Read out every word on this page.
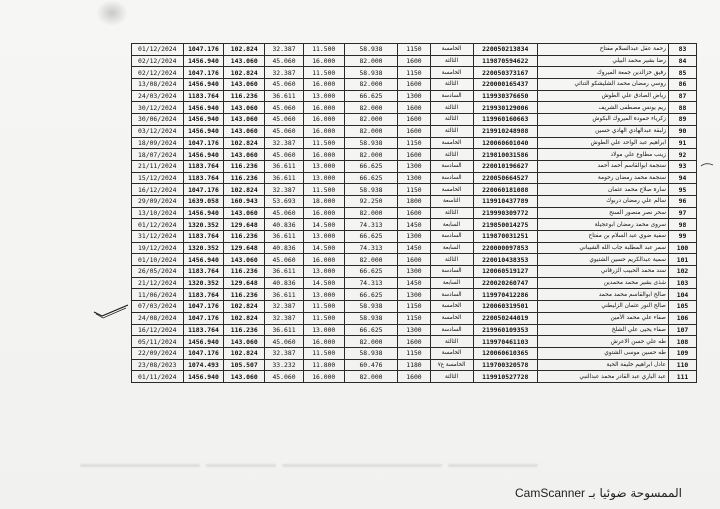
01/12/2024	1047.176	102.824	32.387	11.500	58.938	1150	الخامسة	220050213834	رحمة عقل عبدالسلام مفتاح	83
02/12/2024	1456.940	143.060	45.060	16.000	82.000	1600	الثالثة	119870594622	رضا بشير محمد البيلي	84
02/12/2024	1047.176	102.824	32.387	11.500	58.938	1150	الخامسة	220050373167	رفيق خزالدين جمعة الميروك	85
13/08/2024	1456.940	143.060	45.060	16.000	82.000	1600	الثالثة	220000165437	روسي رمضان محمد الشليشكو التنائي	86
24/03/2024	1183.764	116.236	36.611	13.000	66.625	1300	السادسة	119930376650	رياض الصادق علي الطوش	87
30/12/2024	1456.940	143.060	45.060	16.000	82.000	1600	الثالثة	219930129006	ريم يونس مصطفى الشريف	88
30/06/2024	1456.940	143.060	45.060	16.000	82.000	1600	الثالثة	119960160663	زكرياء حمودة الميروك البكوش	89
03/12/2024	1456.940	143.060	45.060	16.000	82.000	1600	الثالثة	219910248988	زلبقة عبدالهادي الهادي حسين	90
18/09/2024	1047.176	102.824	32.387	11.500	58.938	1150	الخامسة	120060601040	ابراهيم عبد الواحد علي الطوش	91
18/07/2024	1456.940	143.060	45.060	16.000	82.000	1600	الثالثة	219810031586	زينب مطاوع علي مولاد	92
21/11/2024	1183.764	116.236	36.611	13.000	66.625	1300	السادسة	220010196627	سنجمة ابوالقاسم أحمد أحمد	93
15/12/2024	1183.764	116.236	36.611	13.000	66.625	1300	السادسة	220050664527	سنجمة محمد رمضان رحومة	94
16/12/2024	1047.176	102.824	32.387	11.500	58.938	1150	الخامسة	220060181088	سارة صلاح محمد عثمان	95
29/09/2024	1639.058	160.943	53.693	18.000	92.250	1800	التاسعة	119910437789	سالم علي رمضان دربوك	96
13/10/2024	1456.940	143.060	45.060	16.000	82.000	1600	الثالثة	219990309772	سحر نصر منصور السنح	97
01/12/2024	1320.352	129.648	40.836	14.500	74.313	1450	السابعة	219850014275	سروى محمد رمضان ابوعجيلة	98
31/12/2024	1183.764	116.236	36.611	13.000	66.625	1300	السادسة	119870031251	سفية ضوي عبد السلام بن مفتاح	99
19/12/2024	1320.352	129.648	40.836	14.500	74.313	1450	السابعة	220000097853	سمر عبد المطلبة جاب الله الشيباني	100
01/10/2024	1456.940	143.060	45.060	16.000	82.000	1600	الثالثة	220010438353	سمية عبدالكريم حسين الشتيوي	101
26/05/2024	1183.764	116.236	36.611	13.000	66.625	1300	السادسة	120060519127	سند محمد الحبيب الزرقاني	102
21/12/2024	1320.352	129.648	40.836	14.500	74.313	1450	السابعة	220020260747	شذى بشير محمد محمدين	103
11/06/2024	1183.764	116.236	36.611	13.000	66.625	1300	السادسة	119970412286	صالح ابوالقاسم محمد محمد	104
07/03/2024	1047.176	102.824	32.387	11.500	58.938	1150	الخامسة	120060319501	صالح النور عثمان الزليطني	105
24/08/2024	1047.176	102.824	32.387	11.500	58.938	1150	الخامسة	220050244019	صفاء علي محمد الأمين	106
16/12/2024	1183.764	116.236	36.611	13.000	66.625	1300	السادسة	219960109353	صفاء يحيى علي الشلخ	107
05/11/2024	1456.940	143.060	45.060	16.000	82.000	1600	الثالثة	119970461103	طه علي حسن الاعرش	108
22/09/2024	1047.176	102.824	32.387	11.500	58.938	1150	الخامسة	120060610365	طه حسين موسى الشتوي	109
23/08/2023	1074.493	105.507	33.232	11.800	60.476	1180	الخامسة ع٧	119700320578	عادل ابراهيم خليفة الحية	110
01/11/2024	1456.940	143.060	45.060	16.000	82.000	1600	الثالثة	119910527728	عبد الباري عبد القادر محمد عبدالنبي	111
الممسوحة ضوئيا بـ CamScanner
